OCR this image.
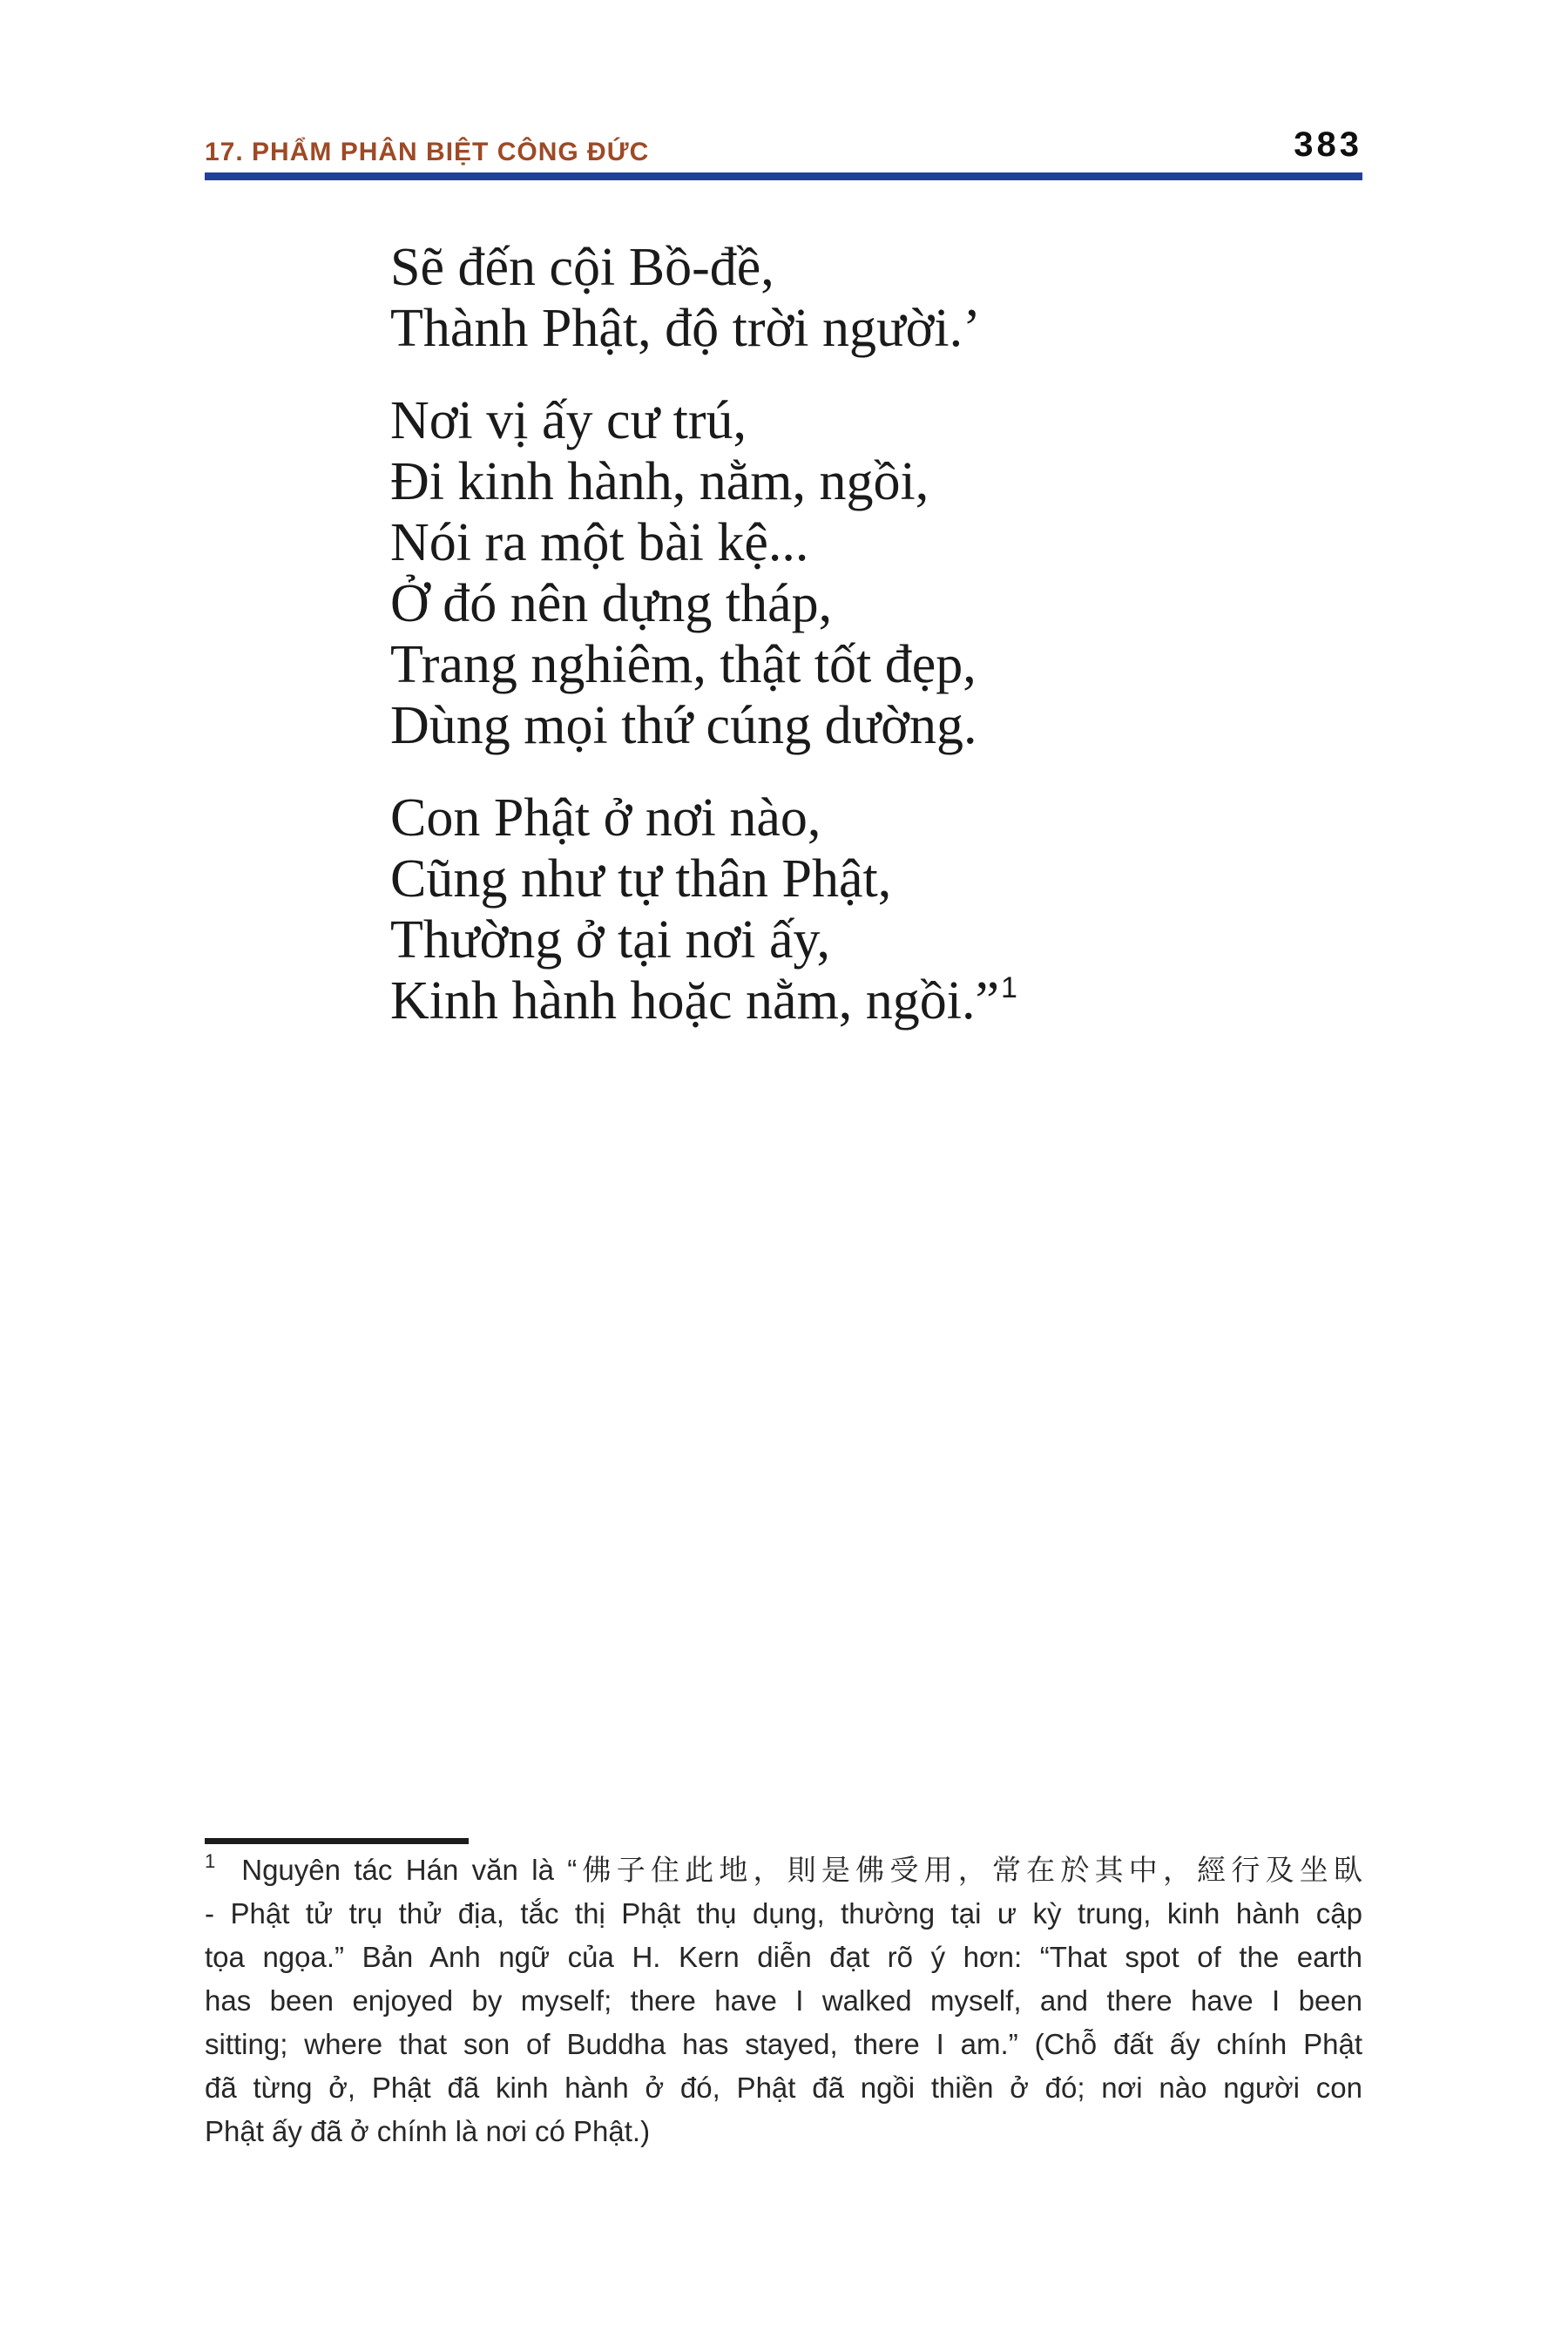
17. PHẨM PHÂN BIỆT CÔNG ĐỨC	383
Sẽ đến cội Bồ-đề,
Thành Phật, độ trời người.’
Nơi vị ấy cư trú,
Đi kinh hành, nằm, ngồi,
Nói ra một bài kệ...
Ở đó nên dựng tháp,
Trang nghiêm, thật tốt đẹp,
Dùng mọi thứ cúng dường.
Con Phật ở nơi nào,
Cũng như tự thân Phật,
Thường ở tại nơi ấy,
Kinh hành hoặc nằm, ngồi.”$^1$
$^1$ Nguyên tác Hán văn là “佛子住此地，則是佛受用，常在於其中，經行及坐臥
- Phật tử trụ thử địa, tắc thị Phật thụ dụng, thường tại ư kỳ trung, kinh hành cập
tọa ngọa.” Bản Anh ngữ của H. Kern diễn đạt rõ ý hơn: “That spot of the earth
has been enjoyed by myself; there have I walked myself, and there have I been
sitting; where that son of Buddha has stayed, there I am.” (Chỗ đất ấy chính Phật
đã từng ở, Phật đã kinh hành ở đó, Phật đã ngồi thiền ở đó; nơi nào người con
Phật ấy đã ở chính là nơi có Phật.)
